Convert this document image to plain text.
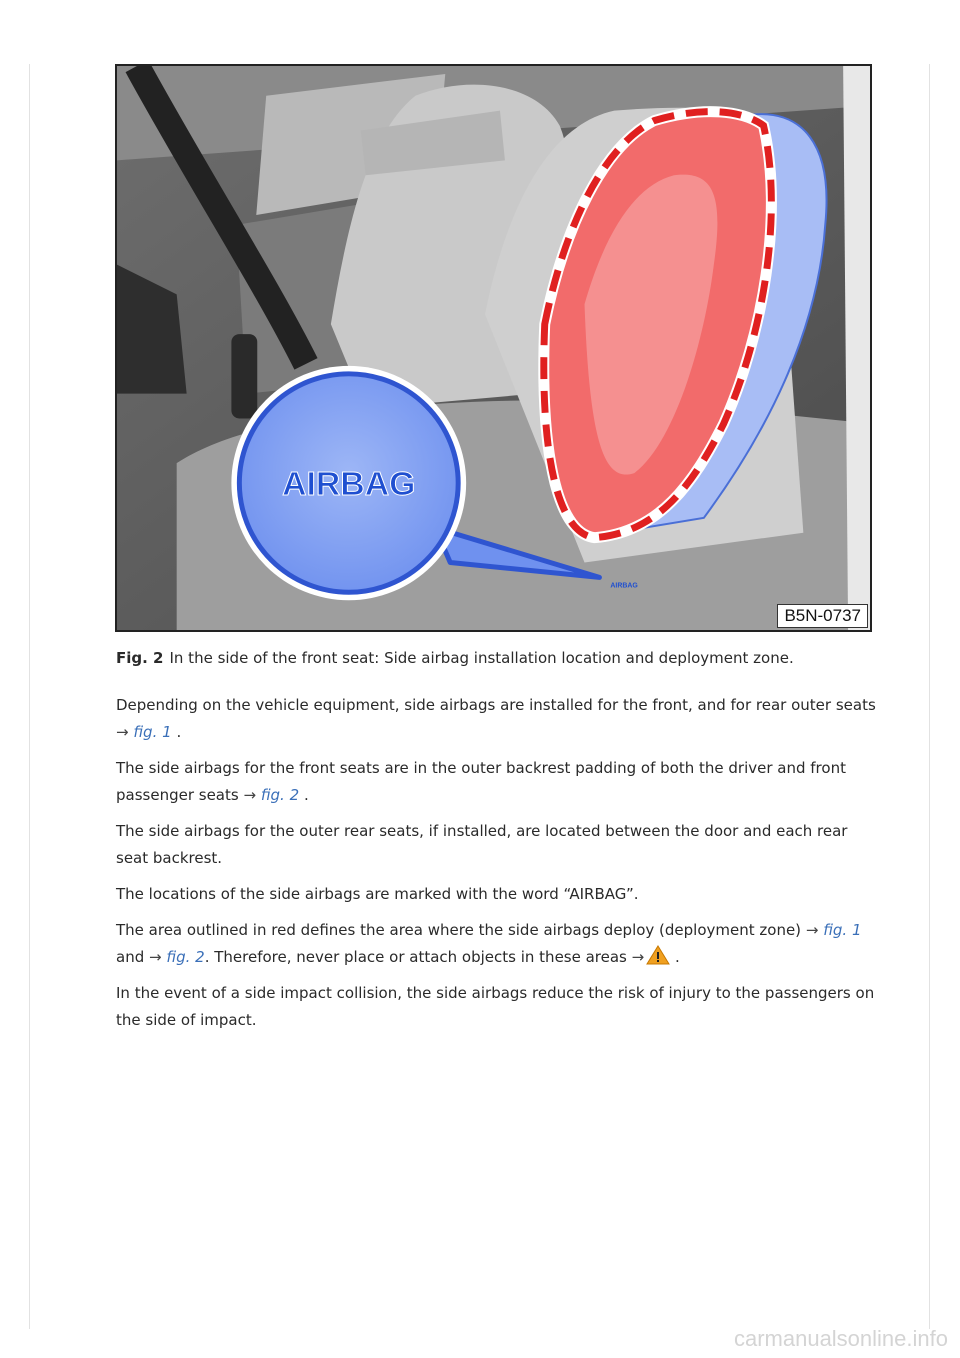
AIRBAG
AIRBAG
B5N-0737
Fig. 2 In the side of the front seat: Side airbag installation location and deployment zone.

Depending on the vehicle equipment, side airbags are installed for the front, and for rear outer seats → fig. 1 .

The side airbags for the front seats are in the outer backrest padding of both the driver and front passenger seats → fig. 2 .

The side airbags for the outer rear seats, if installed, are located between the door and each rear seat backrest.

The locations of the side airbags are marked with the word “AIRBAG”.

The area outlined in red defines the area where the side airbags deploy (deployment zone) → fig. 1 and → fig. 2. Therefore, never place or attach objects in these areas → .

In the event of a side impact collision, the side airbags reduce the risk of injury to the passengers on the side of impact.

carmanualsonline.info
